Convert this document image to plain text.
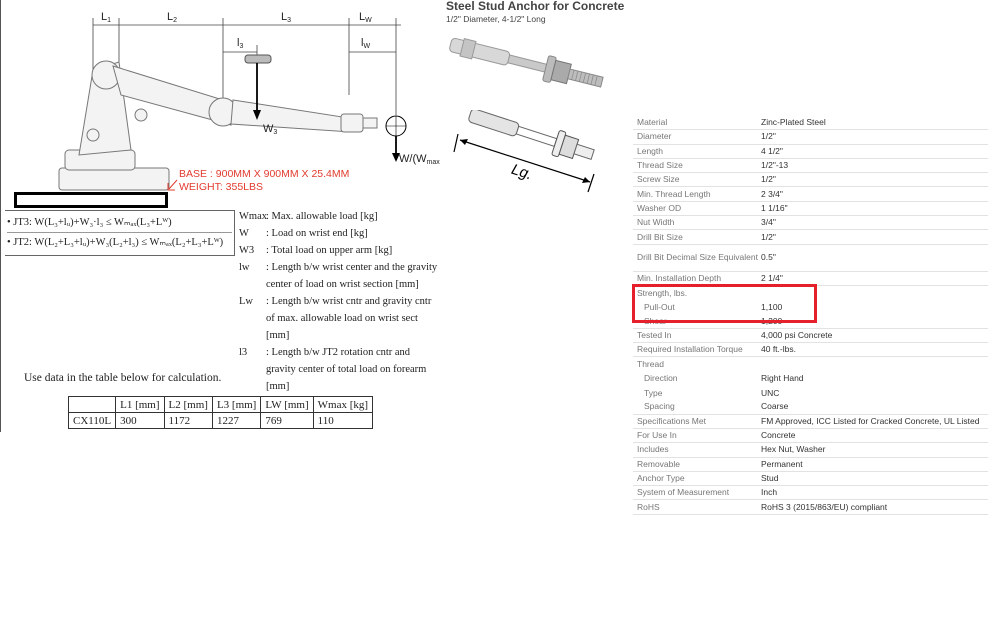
L1	L2	L3	LW
l3	lW
W3
W/(Wmax
BASE : 900MM X 900MM X 25.4MM
WEIGHT: 355LBS
• JT3: W(L₃+lᵤ)+W₃·l₃ ≤ Wₘₐₓ(L₃+Lᵂ)
• JT2: W(L₂+L₃+lᵤ)+W₃(L₂+l₃) ≤ Wₘₐₓ(L₂+L₃+Lᵂ)
Wmax : Max. allowable load [kg]
W	: Load on wrist end [kg]
W3	: Total load on upper arm [kg]
lw	: Length b/w wrist center and the gravity center of load on wrist section [mm]
Lw	: Length b/w wrist cntr and gravity cntr of max. allowable load on wrist sect [mm]
l3	: Length b/w JT2 rotation cntr and gravity center of total load on forearm [mm]
Use data in the table below for calculation.
	L1 [mm]	L2 [mm]	L3 [mm]	LW [mm]	Wmax [kg]
CX110L	300	1172	1227	769	110
Steel Stud Anchor for Concrete
1/2" Diameter, 4-1/2" Long
Lg.
Material	Zinc-Plated Steel
Diameter	1/2"
Length	4 1/2"
Thread Size	1/2"-13
Screw Size	1/2"
Min. Thread Length	2 3/4"
Washer OD	1 1/16"
Nut Width	3/4"
Drill Bit Size	1/2"
Drill Bit Decimal Size Equivalent 0.5"
Min. Installation Depth	2 1/4"
Strength, lbs.
Pull-Out	1,100
Shear	1,200
Tested In	4,000 psi Concrete
Required Installation Torque	40 ft.-lbs.
Thread
Direction	Right Hand
Type	UNC
Spacing	Coarse
Specifications Met	FM Approved, ICC Listed for Cracked Concrete, UL Listed
For Use In	Concrete
Includes	Hex Nut, Washer
Removable	Permanent
Anchor Type	Stud
System of Measurement	Inch
RoHS	RoHS 3 (2015/863/EU) compliant
